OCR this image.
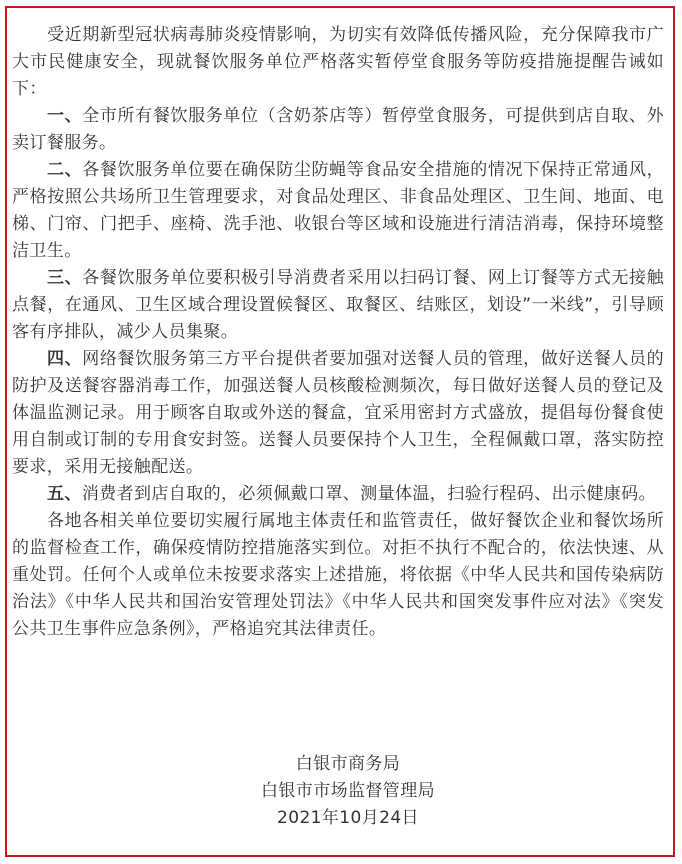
受近期新型冠状病毒肺炎疫情影响，为切实有效降低传播风险，充分保障我市广大市民健康安全，现就餐饮服务单位严格落实暂停堂食服务等防疫措施提醒告诫如下：

一、全市所有餐饮服务单位（含奶茶店等）暂停堂食服务，可提供到店自取、外卖订餐服务。

二、各餐饮服务单位要在确保防尘防蝇等食品安全措施的情况下保持正常通风，严格按照公共场所卫生管理要求，对食品处理区、非食品处理区、卫生间、地面、电梯、门帘、门把手、座椅、洗手池、收银台等区域和设施进行清洁消毒，保持环境整洁卫生。

三、各餐饮服务单位要积极引导消费者采用以扫码订餐、网上订餐等方式无接触点餐，在通风、卫生区域合理设置候餐区、取餐区、结账区，划设”一米线”，引导顾客有序排队，减少人员集聚。

四、网络餐饮服务第三方平台提供者要加强对送餐人员的管理，做好送餐人员的防护及送餐容器消毒工作，加强送餐人员核酸检测频次，每日做好送餐人员的登记及体温监测记录。用于顾客自取或外送的餐盒，宜采用密封方式盛放，提倡每份餐食使用自制或订制的专用食安封签。送餐人员要保持个人卫生，全程佩戴口罩，落实防控要求，采用无接触配送。

五、消费者到店自取的，必须佩戴口罩、测量体温，扫验行程码、出示健康码。

各地各相关单位要切实履行属地主体责任和监管责任，做好餐饮企业和餐饮场所的监督检查工作，确保疫情防控措施落实到位。对拒不执行不配合的，依法快速、从重处罚。任何个人或单位未按要求落实上述措施，将依据《中华人民共和国传染病防治法》《中华人民共和国治安管理处罚法》《中华人民共和国突发事件应对法》《突发公共卫生事件应急条例》，严格追究其法律责任。

白银市商务局
白银市市场监督管理局
2021年10月24日
